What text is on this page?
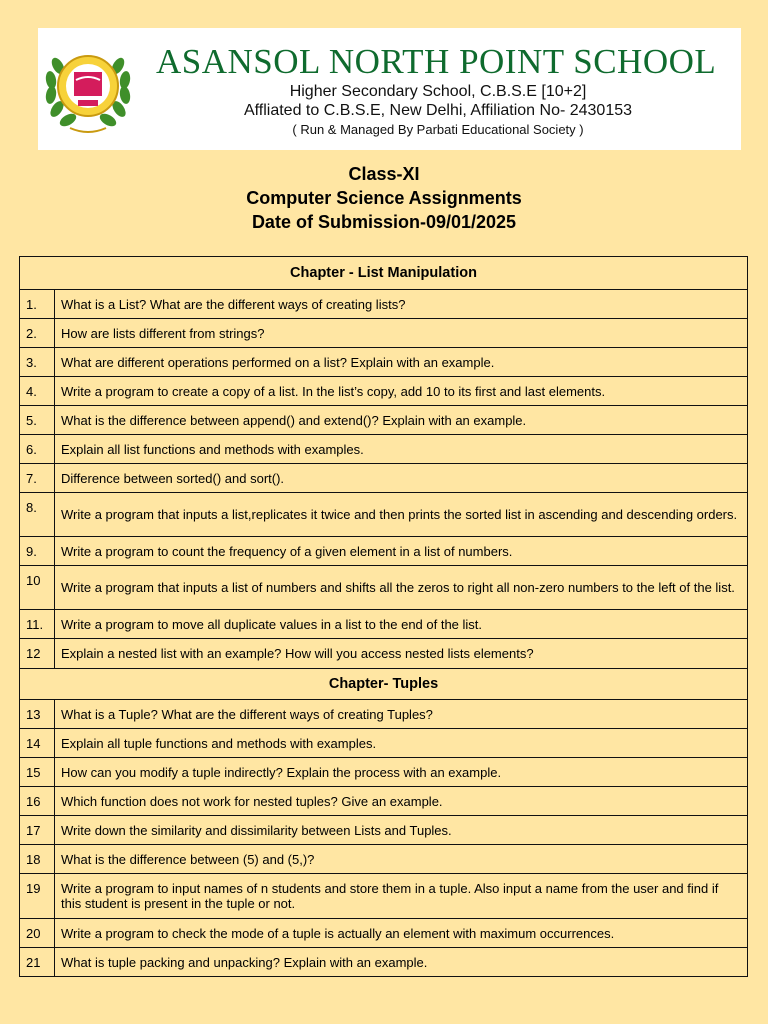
ASANSOL NORTH POINT SCHOOL
Higher Secondary School, C.B.S.E [10+2]
Affliated to C.B.S.E, New Delhi, Affiliation No- 2430153
( Run & Managed By Parbati Educational Society )
Class-XI
Computer Science Assignments
Date of Submission-09/01/2025
Chapter - List Manipulation	
1.	What is a List? What are the different ways of creating lists?
2.	How are lists different from strings?
3.	What are different operations performed on a list? Explain with an example.
4.	Write a program to create a copy of a list. In the list’s copy, add 10 to its first and last elements.
5.	What is the difference between append() and extend()? Explain with an example.
6.	Explain all list functions and methods with examples.
7.	Difference between sorted() and sort().
8.	Write a program that inputs a list,replicates it twice and then prints the sorted list in ascending and descending orders.
9.	Write a program to count the frequency of a given element in a list of numbers.
10	Write a program that inputs a list of numbers and shifts all the zeros to right all non-zero numbers to the left of the list.
11.	Write a program to move all duplicate values in a list to the end of the list.
12	Explain a nested list with an example? How will you access nested lists elements?
Chapter- Tuples	
13	What is a Tuple? What are the different ways of creating Tuples?
14	Explain all tuple functions and methods with examples.
15	How can you modify a tuple indirectly? Explain the process with an example.
16	Which function does not work for nested tuples? Give an example.
17	Write down the similarity and dissimilarity between Lists and Tuples.
18	What is the difference between (5) and (5,)?
19	Write a program to input names of n students and store them in a tuple. Also input a name from the user and find if this student is present in the tuple or not.
20	Write a program to check the mode of a tuple is actually an element with maximum occurrences.
21	What is tuple packing and unpacking? Explain with an example.
